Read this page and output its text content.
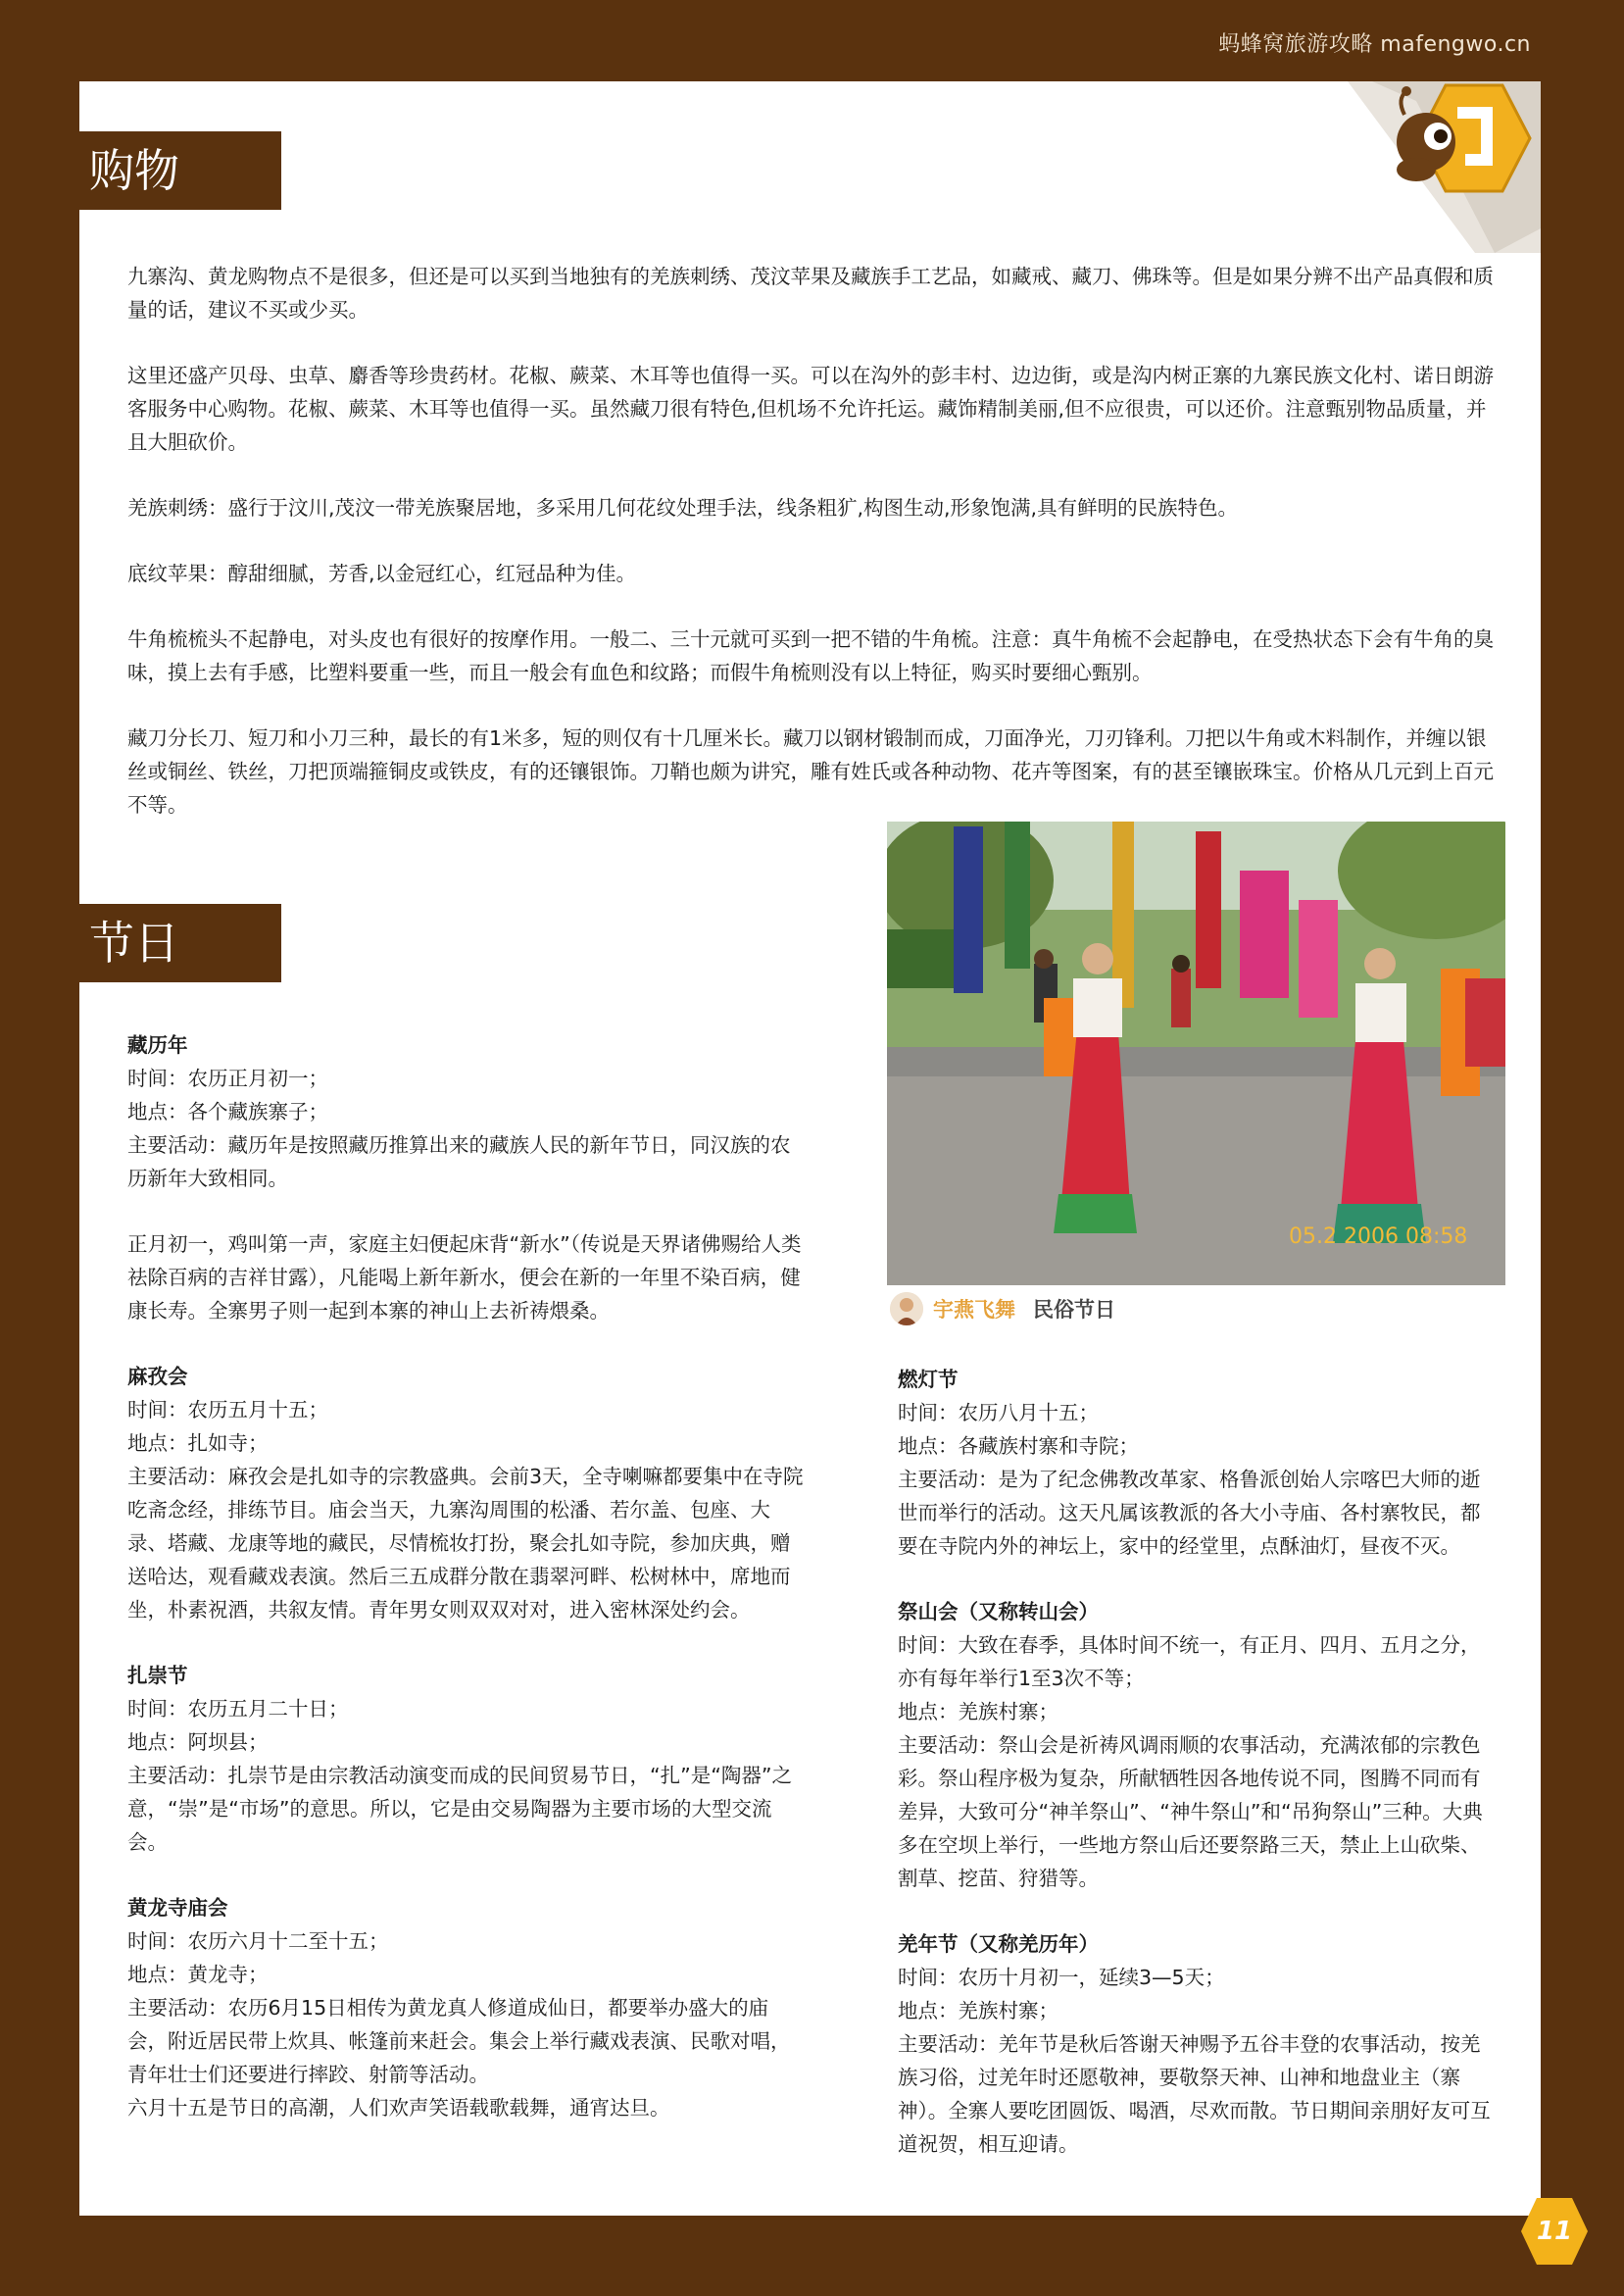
蚂蜂窝旅游攻略 mafengwo.cn
购物

九寨沟、黄龙购物点不是很多，但还是可以买到当地独有的羌族刺绣、茂汶苹果及藏族手工艺品，如藏戒、藏刀、佛珠等。但是如果分辨不出产品真假和质量的话，建议不买或少买。

这里还盛产贝母、虫草、麝香等珍贵药材。花椒、蕨菜、木耳等也值得一买。可以在沟外的彭丰村、边边街，或是沟内树正寨的九寨民族文化村、诺日朗游客服务中心购物。花椒、蕨菜、木耳等也值得一买。虽然藏刀很有特色,但机场不允许托运。藏饰精制美丽,但不应很贵，可以还价。注意甄别物品质量，并且大胆砍价。

羌族刺绣：盛行于汶川,茂汶一带羌族聚居地，多采用几何花纹处理手法，线条粗犷,构图生动,形象饱满,具有鲜明的民族特色。

底纹苹果：醇甜细腻，芳香,以金冠红心，红冠品种为佳。

牛角梳梳头不起静电，对头皮也有很好的按摩作用。一般二、三十元就可买到一把不错的牛角梳。注意：真牛角梳不会起静电，在受热状态下会有牛角的臭味，摸上去有手感，比塑料要重一些，而且一般会有血色和纹路；而假牛角梳则没有以上特征，购买时要细心甄别。

藏刀分长刀、短刀和小刀三种，最长的有1米多，短的则仅有十几厘米长。藏刀以钢材锻制而成，刀面净光，刀刃锋利。刀把以牛角或木料制作，并缠以银丝或铜丝、铁丝，刀把顶端箍铜皮或铁皮，有的还镶银饰。刀鞘也颇为讲究，雕有姓氏或各种动物、花卉等图案，有的甚至镶嵌珠宝。价格从几元到上百元不等。

节日
藏历年
时间：农历正月初一；
地点：各个藏族寨子；
主要活动：藏历年是按照藏历推算出来的藏族人民的新年节日，同汉族的农历新年大致相同。
正月初一，鸡叫第一声，家庭主妇便起床背“新水”（传说是天界诸佛赐给人类祛除百病的吉祥甘露），凡能喝上新年新水，便会在新的一年里不染百病，健康长寿。全寨男子则一起到本寨的神山上去祈祷煨桑。
麻孜会
时间：农历五月十五；
地点：扎如寺；
主要活动：麻孜会是扎如寺的宗教盛典。会前3天，全寺喇嘛都要集中在寺院吃斋念经，排练节目。庙会当天，九寨沟周围的松潘、若尔盖、包座、大录、塔藏、龙康等地的藏民，尽情梳妆打扮，聚会扎如寺院，参加庆典，赠送哈达，观看藏戏表演。然后三五成群分散在翡翠河畔、松树林中，席地而坐，朴素祝酒，共叙友情。青年男女则双双对对，进入密林深处约会。
扎崇节
时间：农历五月二十日；
地点：阿坝县；
主要活动：扎崇节是由宗教活动演变而成的民间贸易节日，“扎”是“陶器”之意，“崇”是“市场”的意思。所以，它是由交易陶器为主要市场的大型交流会。
黄龙寺庙会
时间：农历六月十二至十五；
地点：黄龙寺；
主要活动：农历6月15日相传为黄龙真人修道成仙日，都要举办盛大的庙会，附近居民带上炊具、帐篷前来赶会。集会上举行藏戏表演、民歌对唱，青年壮士们还要进行摔跤、射箭等活动。
六月十五是节日的高潮，人们欢声笑语载歌载舞，通宵达旦。
05.2 2006 08:58
宇燕飞舞 民俗节日
燃灯节
时间：农历八月十五；
地点：各藏族村寨和寺院；
主要活动：是为了纪念佛教改革家、格鲁派创始人宗喀巴大师的逝世而举行的活动。这天凡属该教派的各大小寺庙、各村寨牧民，都要在寺院内外的神坛上，家中的经堂里，点酥油灯，昼夜不灭。
祭山会（又称转山会）
时间：大致在春季，具体时间不统一，有正月、四月、五月之分，亦有每年举行1至3次不等；
地点：羌族村寨；
主要活动：祭山会是祈祷风调雨顺的农事活动，充满浓郁的宗教色彩。祭山程序极为复杂，所献牺牲因各地传说不同，图腾不同而有差异，大致可分“神羊祭山”、“神牛祭山”和“吊狗祭山”三种。大典多在空坝上举行，一些地方祭山后还要祭路三天，禁止上山砍柴、割草、挖苗、狩猎等。
羌年节（又称羌历年）
时间：农历十月初一，延续3—5天；
地点：羌族村寨；
主要活动：羌年节是秋后答谢天神赐予五谷丰登的农事活动，按羌族习俗，过羌年时还愿敬神，要敬祭天神、山神和地盘业主（寨神）。全寨人要吃团圆饭、喝酒，尽欢而散。节日期间亲朋好友可互道祝贺，相互迎请。
11
